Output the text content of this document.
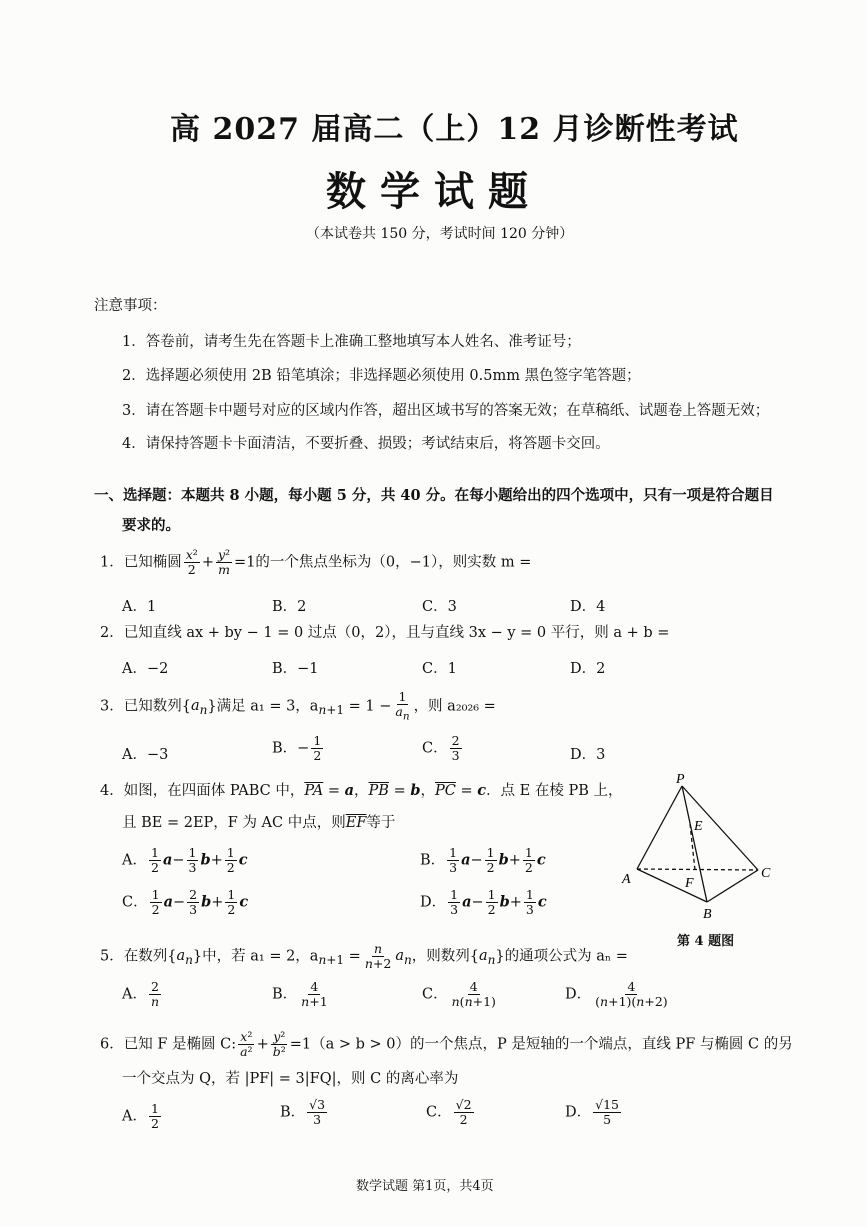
高 2027 届高二（上）12 月诊断性考试
数学试题
（本试卷共 150 分，考试时间 120 分钟）
注意事项：
1．答卷前，请考生先在答题卡上准确工整地填写本人姓名、准考证号；
2．选择题必须使用 2B 铅笔填涂；非选择题必须使用 0.5mm 黑色签字笔答题；
3．请在答题卡中题号对应的区域内作答，超出区域书写的答案无效；在草稿纸、试题卷上答题无效；
4．请保持答题卡卡面清洁，不要折叠、损毁；考试结束后，将答题卡交回。
一、选择题：本题共 8 小题，每小题 5 分，共 40 分。在每小题给出的四个选项中，只有一项是符合题目
要求的。
1．已知椭圆 $\frac{\text{x²}}{2} + \frac{\text{y²}}{m} =1$的一个焦点坐标为（0，−1），则实数 m =
A．1	B．2	C．3	D．4
2．已知直线 ax + by − 1 = 0 过点（0，2），且与直线 3x − y = 0 平行，则 a + b =
A．−2	B．−1	C．1	D．2
3．已知数列$\{a_n\}$满足 a₁ = 3，$a_{n+1} = 1 - \frac{1}{a_n}$ ，则 a₂₀₂₆ =
A．−3	B．− $\frac{1}{2}$	C． $\frac{2}{3}$	D．3
4．如图，在四面体 PABC 中，$\overline{PA} = a$，$\overline{PB} = b$，$\overline{PC} = c$．点 E 在棱 PB 上，
且 BE = 2EP，F 为 AC 中点，则$\overline{EF}$等于
A． $\frac{1}{2} a- \frac{1}{3} b+ \frac{1}{2}$ c	B． $\frac{1}{3} a- \frac{1}{2} b+ \frac{1}{2}$ c
C． $\frac{1}{2} a- \frac{2}{3} b+ \frac{1}{2}$ c	D． $\frac{1}{3} a- \frac{1}{2} b+ \frac{1}{3}$ c
P
E
A	F
C
B
第 4 题图
5．在数列$\{a_n\}$中，若 a₁ = 2，$a_{n+1} = \frac{n}{n+2} a_n$，则数列$\{a_n\}$的通项公式为 aₙ =
A． $\frac{2}{n}$	B． $\frac{4}{n+1}$	C． $\frac{4}{n(n+1)}$	D． $\frac{4}{(n+1)(n+2)}$
6．已知 F 是椭圆 C: $\frac{\text{x²}}{\text{a²}} + \frac{\text{y²}}{\text{b²}} =1(a > b > 0)$的一个焦点，P 是短轴的一个端点，直线 PF 与椭圆 C 的另
一个交点为 Q，若 |PF| = 3|FQ|，则 C 的离心率为
A． $\frac{1}{2}$	B． $\frac{√3}{3}$	C． $\frac{√2}{2}$	D． $\frac{√15}{5}$
数学试题 第1页，共4页
